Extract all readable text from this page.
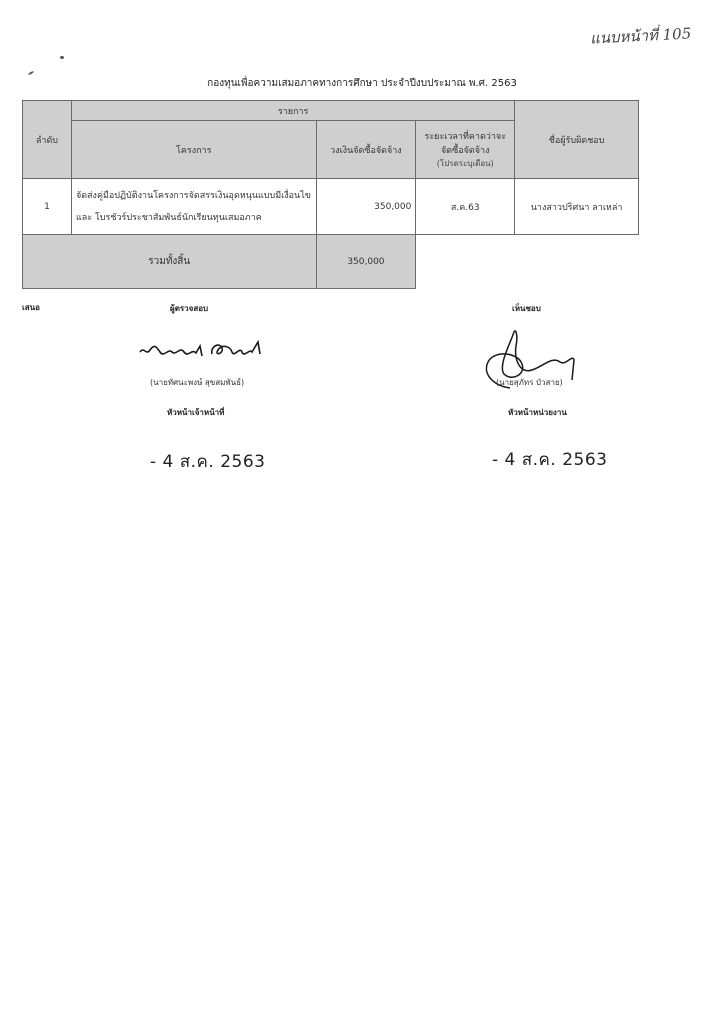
แนบหน้าที่ 105
กองทุนเพื่อความเสมอภาคทางการศึกษา ประจำปีงบประมาณ พ.ศ. 2563
ลำดับ	รายการ			ชื่อผู้รับผิดชอบ
	โครงการ	วงเงินจัดซื้อจัดจ้าง	ระยะเวลาที่คาดว่าจะ
จัดซื้อจัดจ้าง

(โปรดระบุเดือน)	

1	จัดส่งคู่มือปฏิบัติงานโครงการจัดสรรเงินอุดหนุนแบบมีเงื่อนไข
และ โบรชัวร์ประชาสัมพันธ์นักเรียนทุนเสมอภาค	350,000	ส.ค.63	นางสาวปริศนา ลาเหล่า
รวมทั้งสิ้น		350,000		
เสนอ	ผู้ตรวจสอบ	เห็นชอบ
(นายทัศนะพงษ์ สุขสมพันธ์)	(นายสุภัทร บัวสาย)
หัวหน้าเจ้าหน้าที่	หัวหน้าหน่วยงาน
- 4 ส.ค. 2563	- 4 ส.ค. 2563
